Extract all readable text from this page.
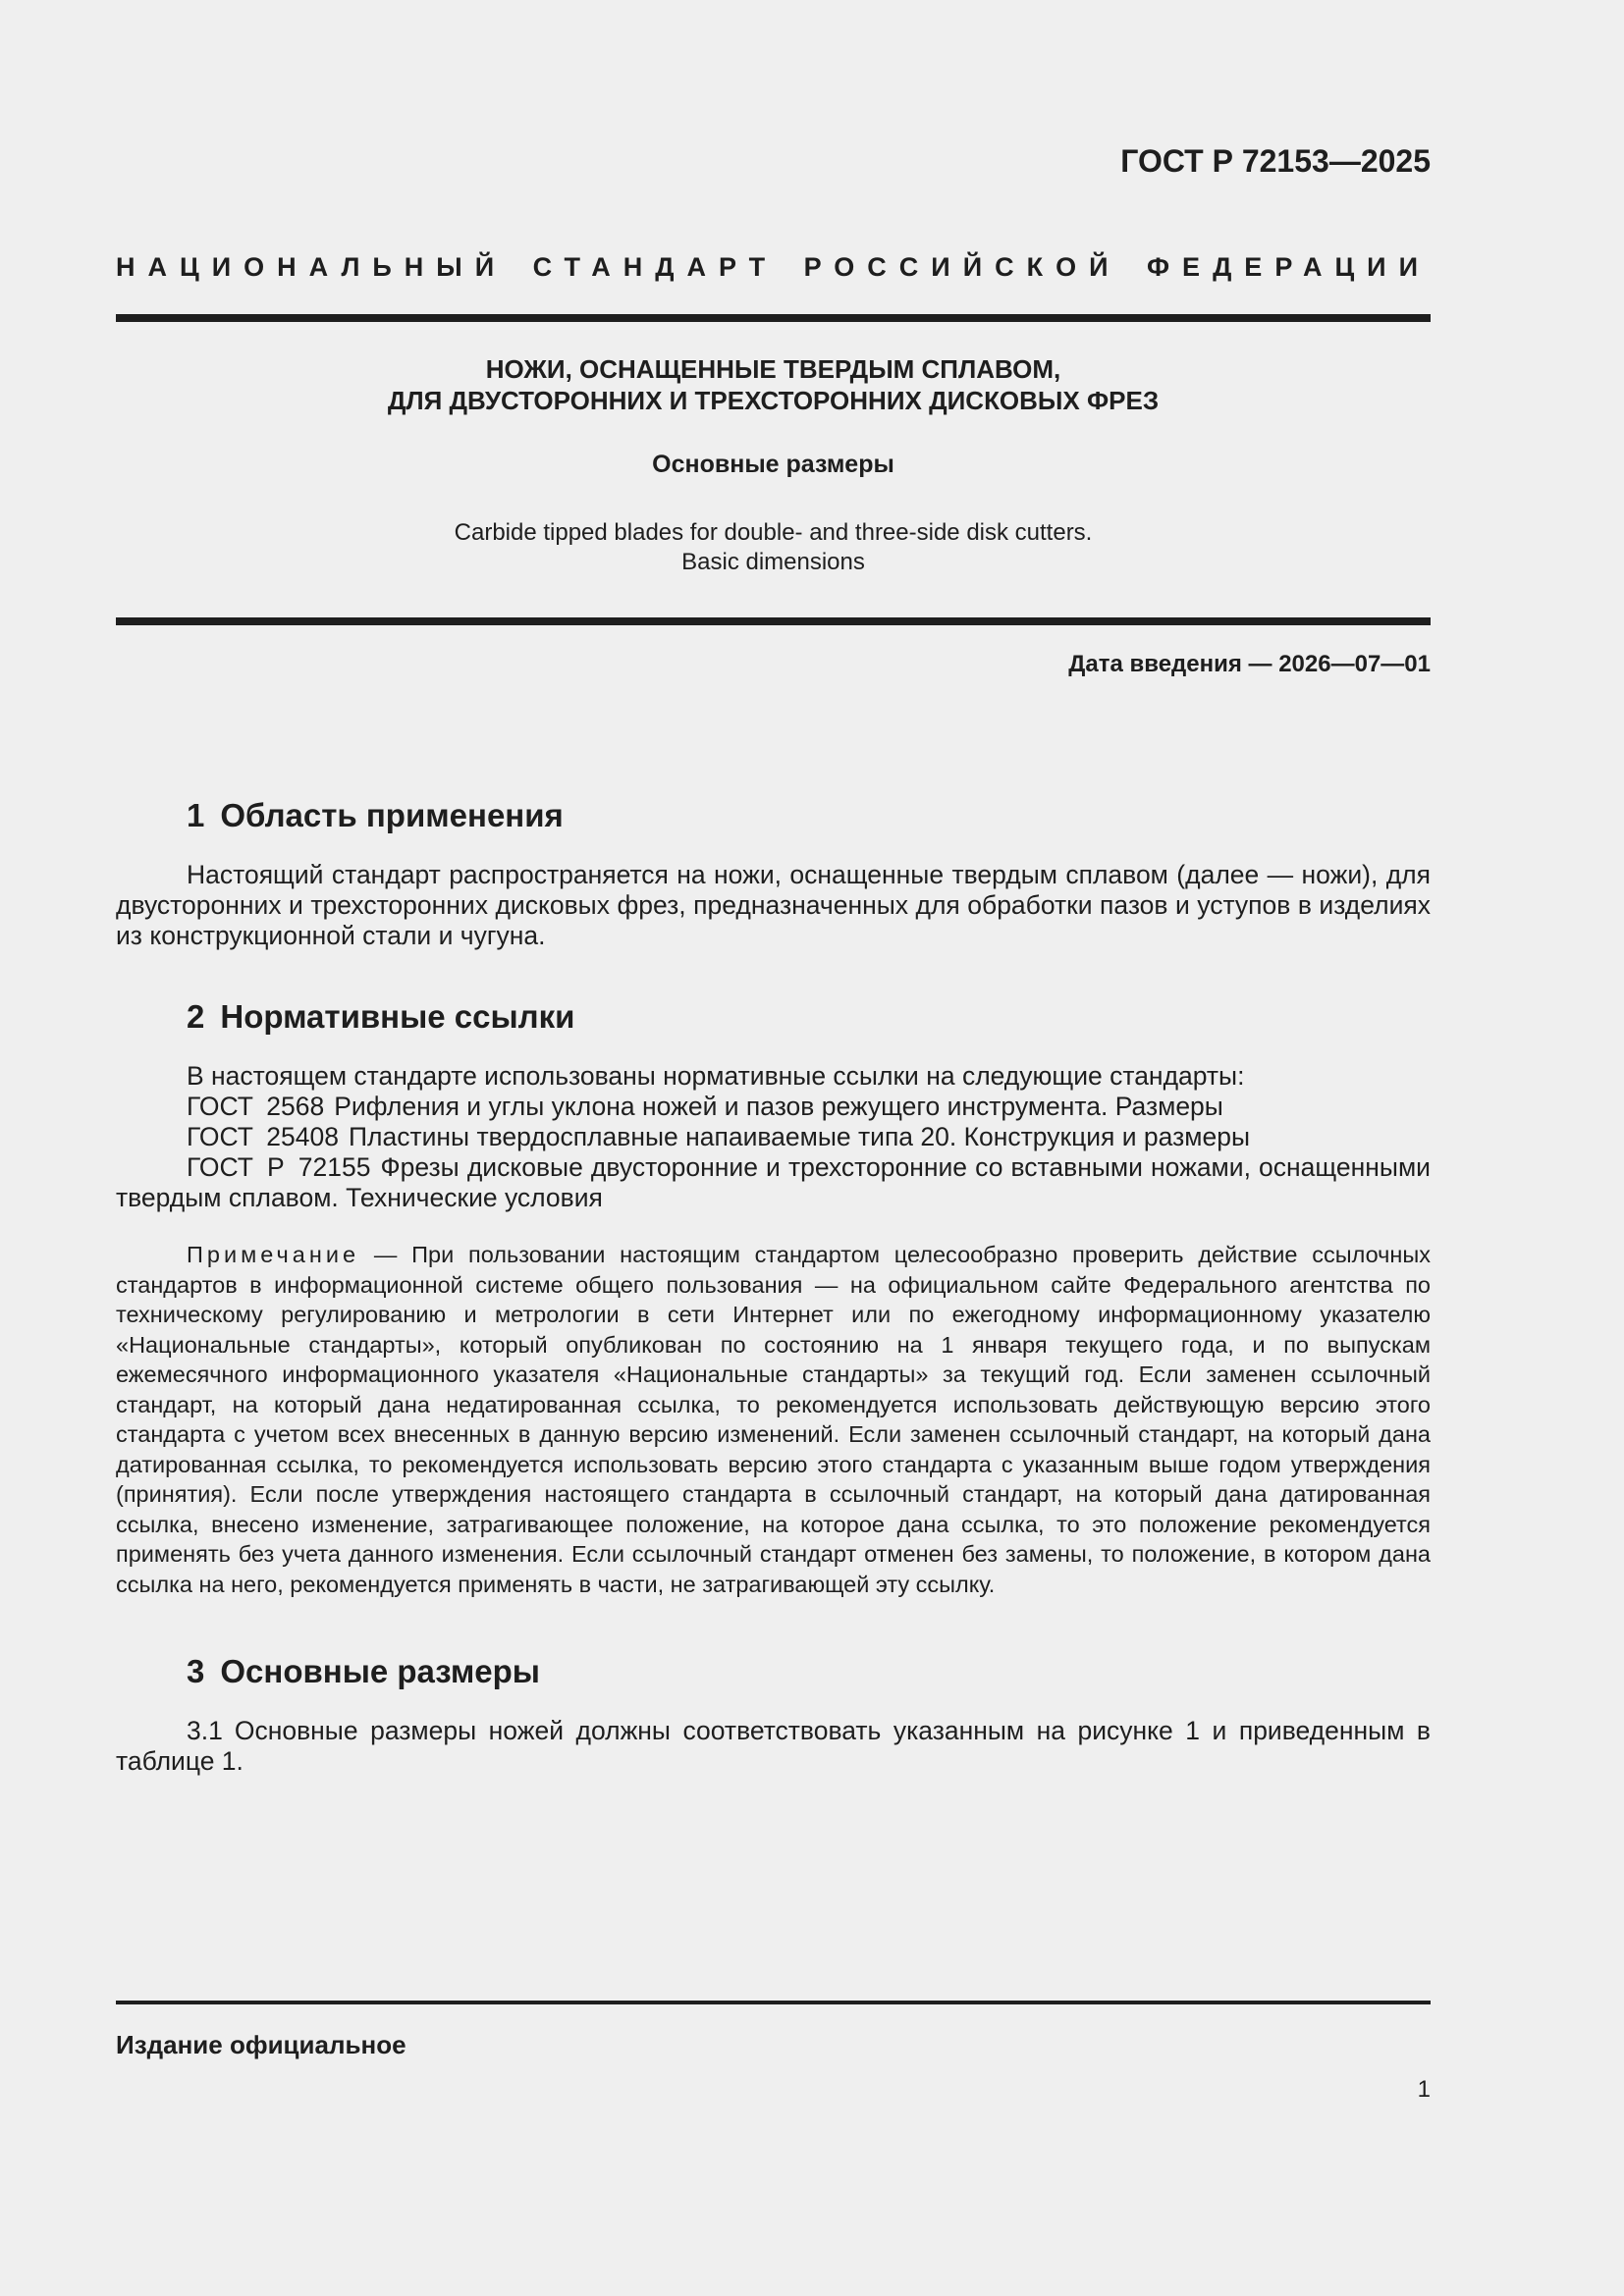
ГОСТ Р 72153—2025
НАЦИОНАЛЬНЫЙ СТАНДАРТ РОССИЙСКОЙ ФЕДЕРАЦИИ
НОЖИ, ОСНАЩЕННЫЕ ТВЕРДЫМ СПЛАВОМ,
ДЛЯ ДВУСТОРОННИХ И ТРЕХСТОРОННИХ ДИСКОВЫХ ФРЕЗ
Основные размеры
Carbide tipped blades for double- and three-side disk cutters.
Basic dimensions
Дата введения — 2026—07—01
1 Область применения
Настоящий стандарт распространяется на ножи, оснащенные твердым сплавом (далее — ножи), для двусторонних и трехсторонних дисковых фрез, предназначенных для обработки пазов и уступов в изделиях из конструкционной стали и чугуна.
2 Нормативные ссылки
В настоящем стандарте использованы нормативные ссылки на следующие стандарты:
ГОСТ 2568 Рифления и углы уклона ножей и пазов режущего инструмента. Размеры
ГОСТ 25408 Пластины твердосплавные напаиваемые типа 20. Конструкция и размеры
ГОСТ Р 72155 Фрезы дисковые двусторонние и трехсторонние со вставными ножами, оснащенными твердым сплавом. Технические условия
Примечание — При пользовании настоящим стандартом целесообразно проверить действие ссылочных стандартов в информационной системе общего пользования — на официальном сайте Федерального агентства по техническому регулированию и метрологии в сети Интернет или по ежегодному информационному указателю «Национальные стандарты», который опубликован по состоянию на 1 января текущего года, и по выпускам ежемесячного информационного указателя «Национальные стандарты» за текущий год. Если заменен ссылочный стандарт, на который дана недатированная ссылка, то рекомендуется использовать действующую версию этого стандарта с учетом всех внесенных в данную версию изменений. Если заменен ссылочный стандарт, на который дана датированная ссылка, то рекомендуется использовать версию этого стандарта с указанным выше годом утверждения (принятия). Если после утверждения настоящего стандарта в ссылочный стандарт, на который дана датированная ссылка, внесено изменение, затрагивающее положение, на которое дана ссылка, то это положение рекомендуется применять без учета данного изменения. Если ссылочный стандарт отменен без замены, то положение, в котором дана ссылка на него, рекомендуется применять в части, не затрагивающей эту ссылку.
3 Основные размеры
3.1 Основные размеры ножей должны соответствовать указанным на рисунке 1 и приведенным в таблице 1.
Издание официальное
1
